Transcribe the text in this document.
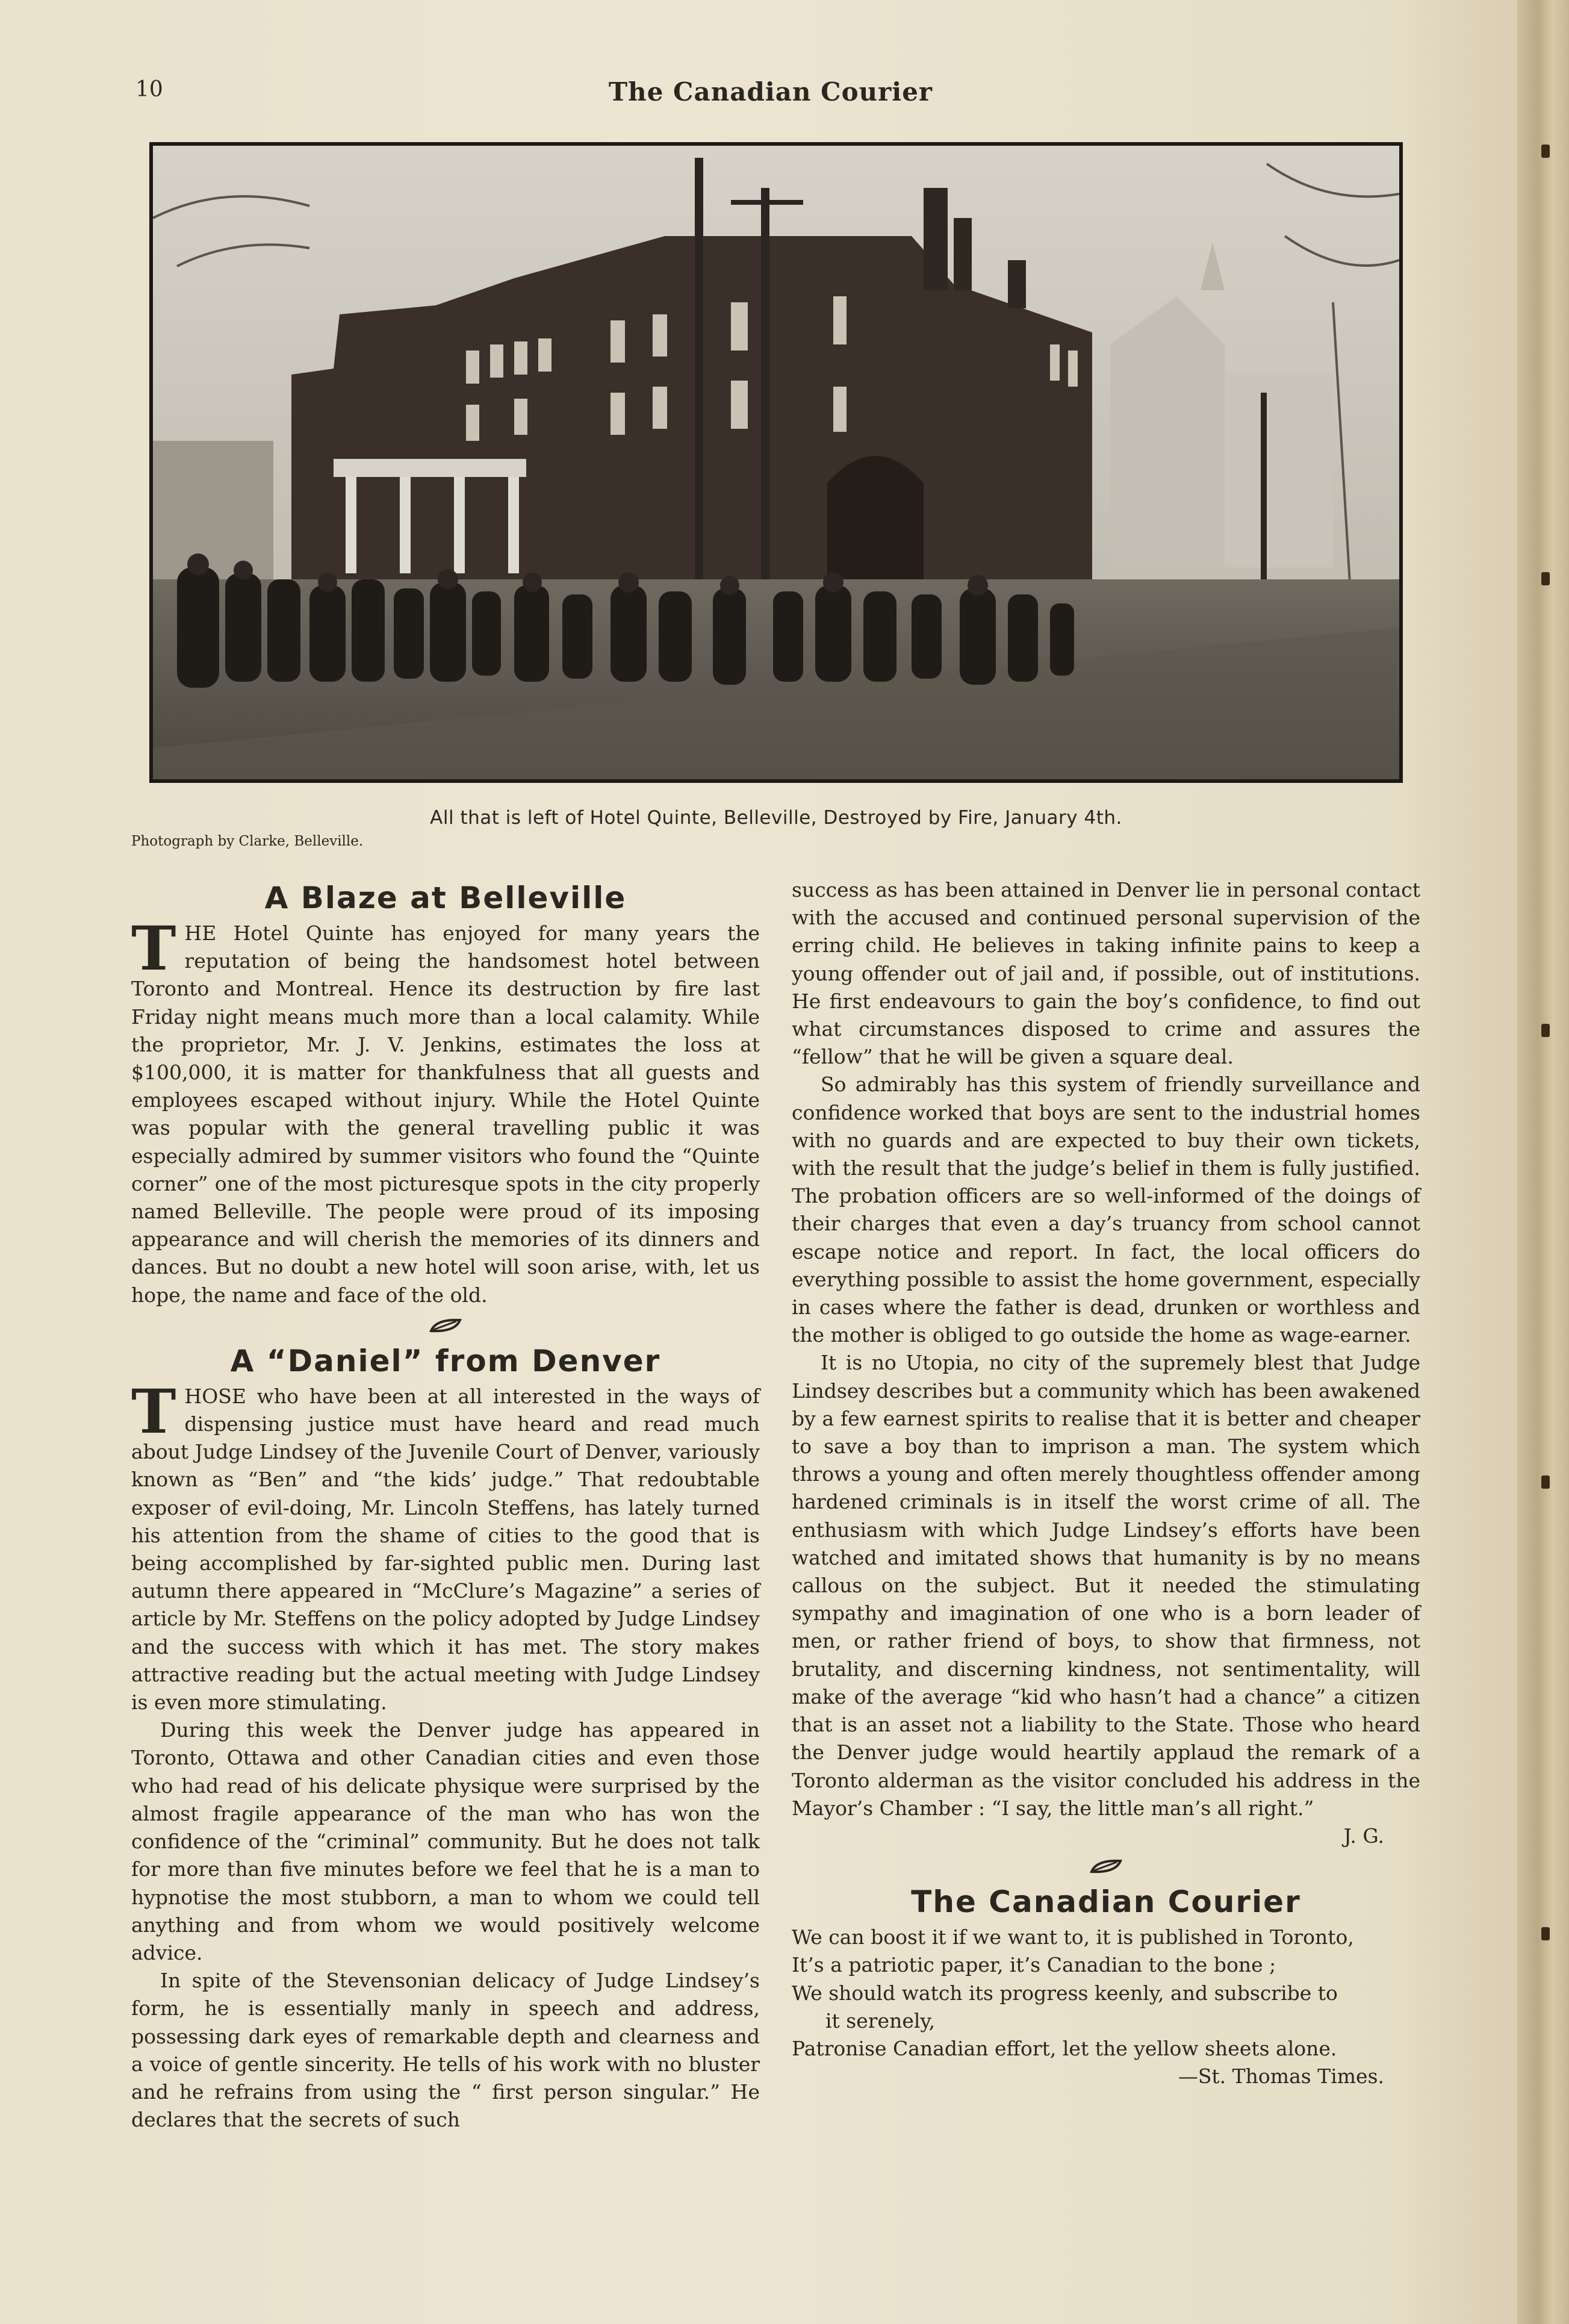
10	The Canadian Courier
All that is left of Hotel Quinte, Belleville, Destroyed by Fire, January 4th.
Photograph by Clarke, Belleville.
A Blaze at Belleville

THE Hotel Quinte has enjoyed for many years the reputation of being the handsomest hotel between Toronto and Montreal. Hence its destruction by fire last Friday night means much more than a local calamity. While the proprietor, Mr. J. V. Jenkins, estimates the loss at $100,000, it is matter for thankfulness that all guests and employees escaped without injury. While the Hotel Quinte was popular with the general travelling public it was especially admired by summer visitors who found the “Quinte corner” one of the most picturesque spots in the city properly named Belleville. The people were proud of its imposing appearance and will cherish the memories of its dinners and dances. But no doubt a new hotel will soon arise, with, let us hope, the name and face of the old.

A “Daniel” from Denver

THOSE who have been at all interested in the ways of dispensing justice must have heard and read much about Judge Lindsey of the Juvenile Court of Denver, variously known as “Ben” and “the kids’ judge.” That redoubtable exposer of evil-doing, Mr. Lincoln Steffens, has lately turned his attention from the shame of cities to the good that is being accomplished by far-sighted public men. During last autumn there appeared in “McClure’s Magazine” a series of article by Mr. Steffens on the policy adopted by Judge Lindsey and the success with which it has met. The story makes attractive reading but the actual meeting with Judge Lindsey is even more stimulating.

During this week the Denver judge has appeared in Toronto, Ottawa and other Canadian cities and even those who had read of his delicate physique were surprised by the almost fragile appearance of the man who has won the confidence of the “criminal” community. But he does not talk for more than five minutes before we feel that he is a man to hypnotise the most stubborn, a man to whom we could tell anything and from whom we would positively welcome advice.

In spite of the Stevensonian delicacy of Judge Lindsey’s form, he is essentially manly in speech and address, possessing dark eyes of remarkable depth and clearness and a voice of gentle sincerity. He tells of his work with no bluster and he refrains from using the “ first person singular.” He declares that the secrets of such

success as has been attained in Denver lie in personal contact with the accused and continued personal supervision of the erring child. He believes in taking infinite pains to keep a young offender out of jail and, if possible, out of institutions. He first endeavours to gain the boy’s confidence, to find out what circumstances disposed to crime and assures the “fellow” that he will be given a square deal.

So admirably has this system of friendly surveillance and confidence worked that boys are sent to the industrial homes with no guards and are expected to buy their own tickets, with the result that the judge’s belief in them is fully justified. The probation officers are so well-informed of the doings of their charges that even a day’s truancy from school cannot escape notice and report. In fact, the local officers do everything possible to assist the home government, especially in cases where the father is dead, drunken or worthless and the mother is obliged to go outside the home as wage-earner.

It is no Utopia, no city of the supremely blest that Judge Lindsey describes but a community which has been awakened by a few earnest spirits to realise that it is better and cheaper to save a boy than to imprison a man. The system which throws a young and often merely thoughtless offender among hardened criminals is in itself the worst crime of all. The enthusiasm with which Judge Lindsey’s efforts have been watched and imitated shows that humanity is by no means callous on the subject. But it needed the stimulating sympathy and imagination of one who is a born leader of men, or rather friend of boys, to show that firmness, not brutality, and discerning kindness, not sentimentality, will make of the average “kid who hasn’t had a chance” a citizen that is an asset not a liability to the State. Those who heard the Denver judge would heartily applaud the remark of a Toronto alderman as the visitor concluded his address in the Mayor’s Chamber : “I say, the little man’s all right.”

J. G.
The Canadian Courier

We can boost it if we want to, it is published in Toronto,

It’s a patriotic paper, it’s Canadian to the bone ;

We should watch its progress keenly, and subscribe to

it serenely,

Patronise Canadian effort, let the yellow sheets alone.

—St. Thomas Times.
